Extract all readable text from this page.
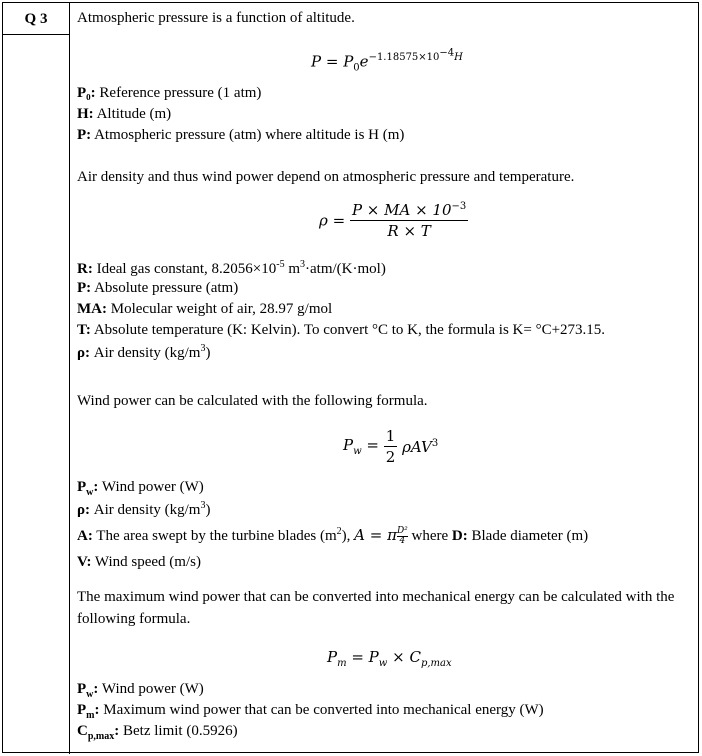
Q 3	Atmospheric pressure is a function of altitude.
$P = P_0e^{-1.18575\times 10^{-4}H}$
P₀: Reference pressure (1 atm)
H: Altitude (m)
P: Atmospheric pressure (atm) where altitude is H (m)
Air density and thus wind power depend on atmospheric pressure and temperature.
$\rho = \frac{P \times MA \times 10^{-3}}{R \times T}$
R: Ideal gas constant, $8.2056\times 10^{-5}$ $m^3\cdot atm/(K\cdot mol)$
P: Absolute pressure (atm)
MA: Molecular weight of air, 28.97 g/mol
T: Absolute temperature (K: Kelvin). To convert °C to K, the formula is K= °C+273.15.
ρ: Air density $(kg/m^3)$
Wind power can be calculated with the following formula.
$P_w = \frac{1}{2} \rho AV^3$
$P_w$: Wind power (W)
ρ: Air density $(kg/m^3)$
A: The area swept by the turbine blades $(m^2)$, A = π $\frac{\text{D²}}{4}$ where D: Blade diameter (m)
V: Wind speed (m/s)
The maximum wind power that can be converted into mechanical energy can be calculated with the following formula.
$P_m = P_w \times C_{p,max}$
$P_w$: Wind power (W)
$P_m$: Maximum wind power that can be converted into mechanical energy (W)
$C_{p,max}$: Betz limit (0.5926)
